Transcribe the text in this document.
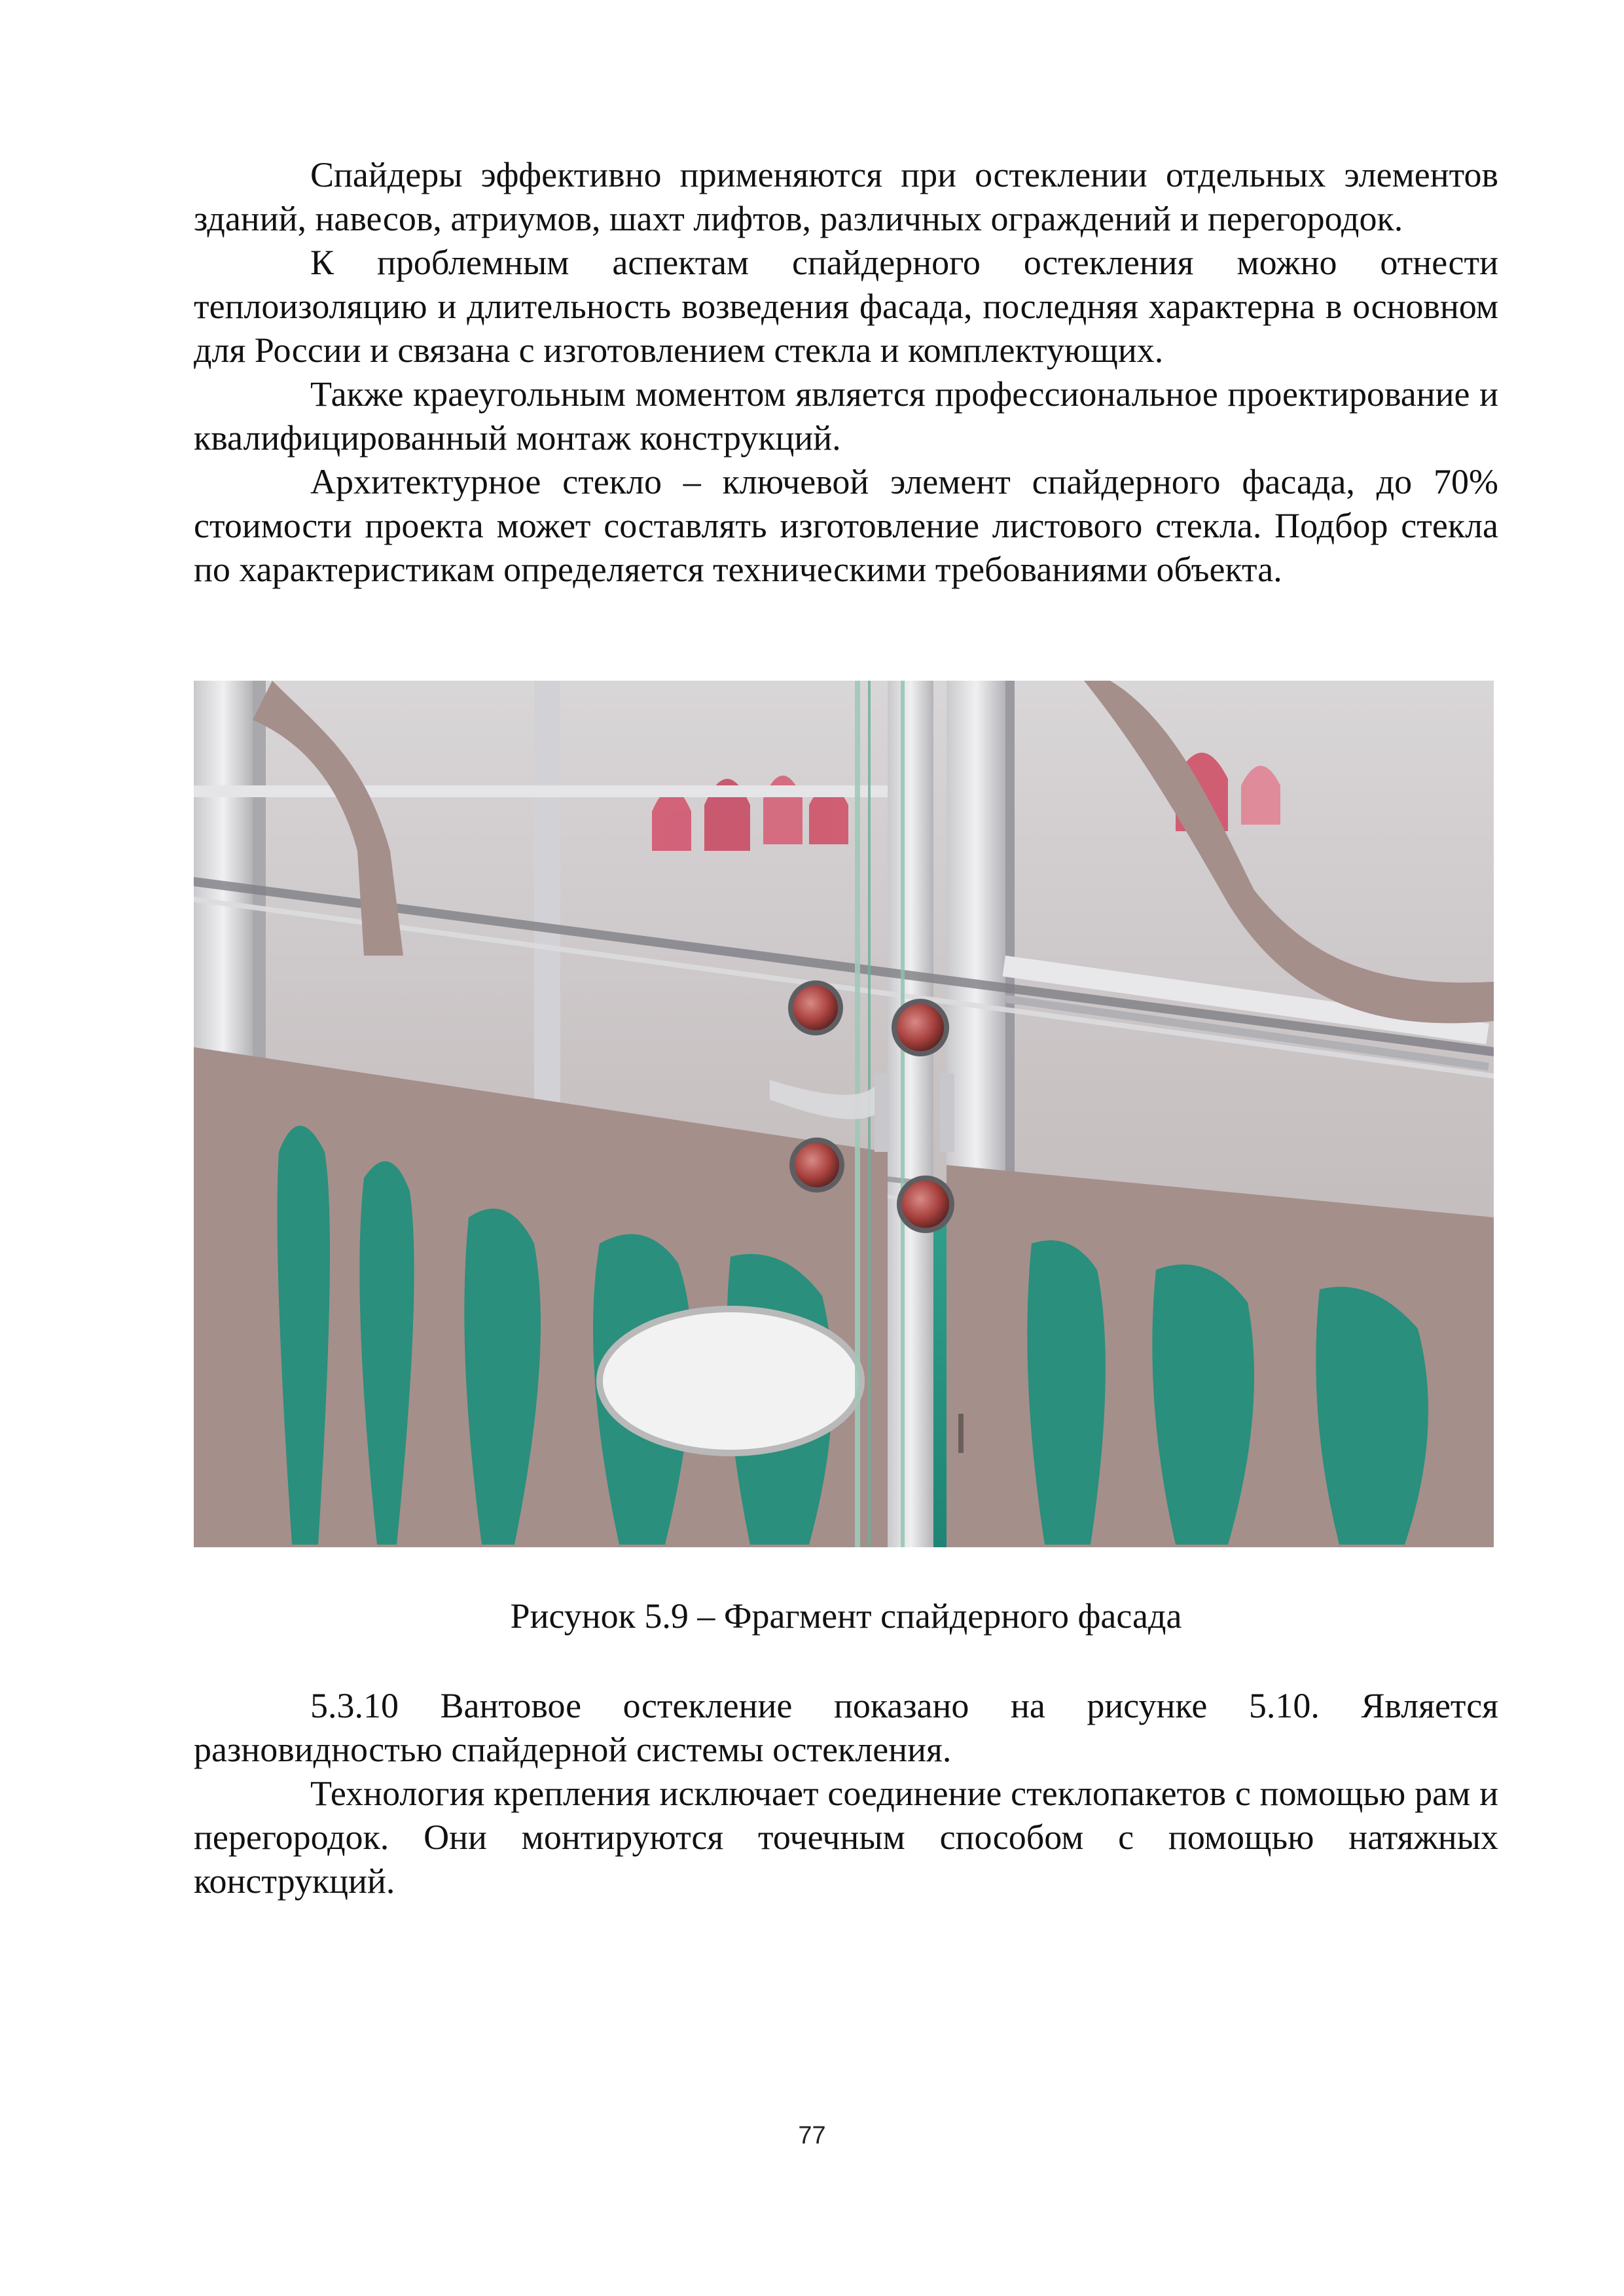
Спайдеры эффективно применяются при остеклении отдельных элементов зданий, навесов, атриумов, шахт лифтов, различных ограждений и перегородок.

К проблемным аспектам спайдерного остекления можно отнести теплоизоляцию и длительность возведения фасада, последняя характерна в основном для России и связана с изготовлением стекла и комплектующих.

Также краеугольным моментом является профессиональное проектирование и квалифицированный монтаж конструкций.

Архитектурное стекло – ключевой элемент спайдерного фасада, до 70% стоимости проекта может составлять изготовление листового стекла. Подбор стекла по характеристикам определяется техническими требованиями объекта.

Рисунок 5.9 – Фрагмент спайдерного фасада

5.3.10 Вантовое остекление показано на рисунке 5.10. Является разновидностью спайдерной системы остекления.

Технология крепления исключает соединение стеклопакетов с помощью рам и перегородок. Они монтируются точечным способом с помощью натяжных конструкций.

77
